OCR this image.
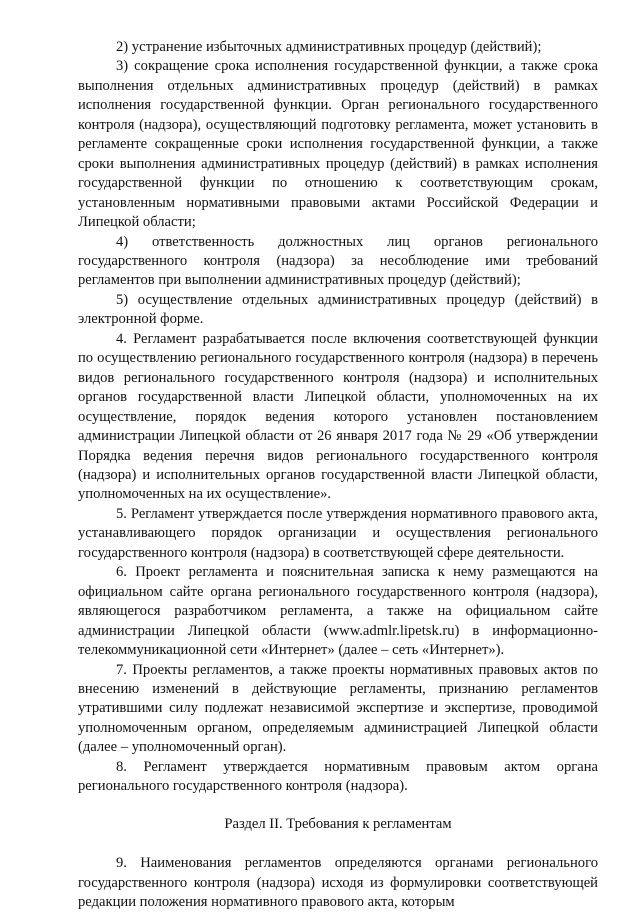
2) устранение избыточных административных процедур (действий);

3) сокращение срока исполнения государственной функции, а также срока выполнения отдельных административных процедур (действий) в рамках исполнения государственной функции. Орган регионального государственного контроля (надзора), осуществляющий подготовку регламента, может установить в регламенте сокращенные сроки исполнения государственной функции, а также сроки выполнения административных процедур (действий) в рамках исполнения государственной функции по отношению к соответствующим срокам, установленным нормативными правовыми актами Российской Федерации и Липецкой области;

4) ответственность должностных лиц органов регионального государственного контроля (надзора) за несоблюдение ими требований регламентов при выполнении административных процедур (действий);

5) осуществление отдельных административных процедур (действий) в электронной форме.

4. Регламент разрабатывается после включения соответствующей функции по осуществлению регионального государственного контроля (надзора) в перечень видов регионального государственного контроля (надзора) и исполнительных органов государственной власти Липецкой области, уполномоченных на их осуществление, порядок ведения которого установлен постановлением администрации Липецкой области от 26 января 2017 года № 29 «Об утверждении Порядка ведения перечня видов регионального государственного контроля (надзора) и исполнительных органов государственной власти Липецкой области, уполномоченных на их осуществление».

5. Регламент утверждается после утверждения нормативного правового акта, устанавливающего порядок организации и осуществления регионального государственного контроля (надзора) в соответствующей сфере деятельности.

6. Проект регламента и пояснительная записка к нему размещаются на официальном сайте органа регионального государственного контроля (надзора), являющегося разработчиком регламента, а также на официальном сайте администрации Липецкой области (www.admlr.lipetsk.ru) в информационно-телекоммуникационной сети «Интернет» (далее – сеть «Интернет»).

7. Проекты регламентов, а также проекты нормативных правовых актов по внесению изменений в действующие регламенты, признанию регламентов утратившими силу подлежат независимой экспертизе и экспертизе, проводимой уполномоченным органом, определяемым администрацией Липецкой области (далее – уполномоченный орган).

8. Регламент утверждается нормативным правовым актом органа регионального государственного контроля (надзора).

Раздел II. Требования к регламентам

9. Наименования регламентов определяются органами регионального государственного контроля (надзора) исходя из формулировки соответствующей редакции положения нормативного правового акта, которым
